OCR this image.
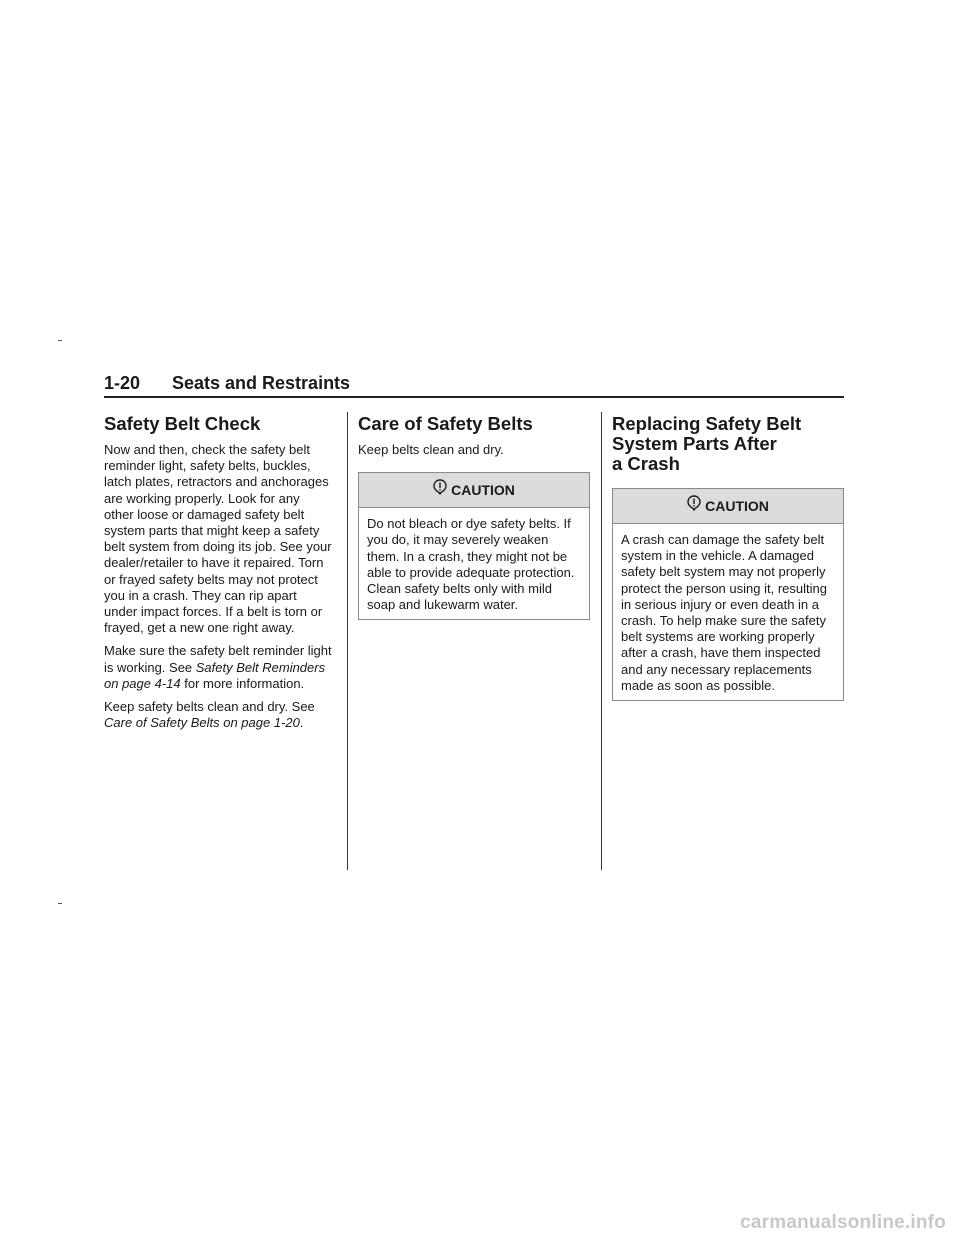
1-20 Seats and Restraints
Safety Belt Check

Now and then, check the safety belt reminder light, safety belts, buckles, latch plates, retractors and anchorages are working properly. Look for any other loose or damaged safety belt system parts that might keep a safety belt system from doing its job. See your dealer/retailer to have it repaired. Torn or frayed safety belts may not protect you in a crash. They can rip apart under impact forces. If a belt is torn or frayed, get a new one right away.

Make sure the safety belt reminder light is working. See Safety Belt Reminders on page 4-14 for more information.

Keep safety belts clean and dry. See Care of Safety Belts on page 1-20.

Care of Safety Belts

Keep belts clean and dry.

CAUTION

Do not bleach or dye safety belts. If you do, it may severely weaken them. In a crash, they might not be able to provide adequate protection. Clean safety belts only with mild soap and lukewarm water.

Replacing Safety Belt
System Parts After
a Crash
CAUTION

A crash can damage the safety belt system in the vehicle. A damaged safety belt system may not properly protect the person using it, resulting in serious injury or even death in a crash. To help make sure the safety belt systems are working properly after a crash, have them inspected and any necessary replacements made as soon as possible.

carmanualsonline.info
